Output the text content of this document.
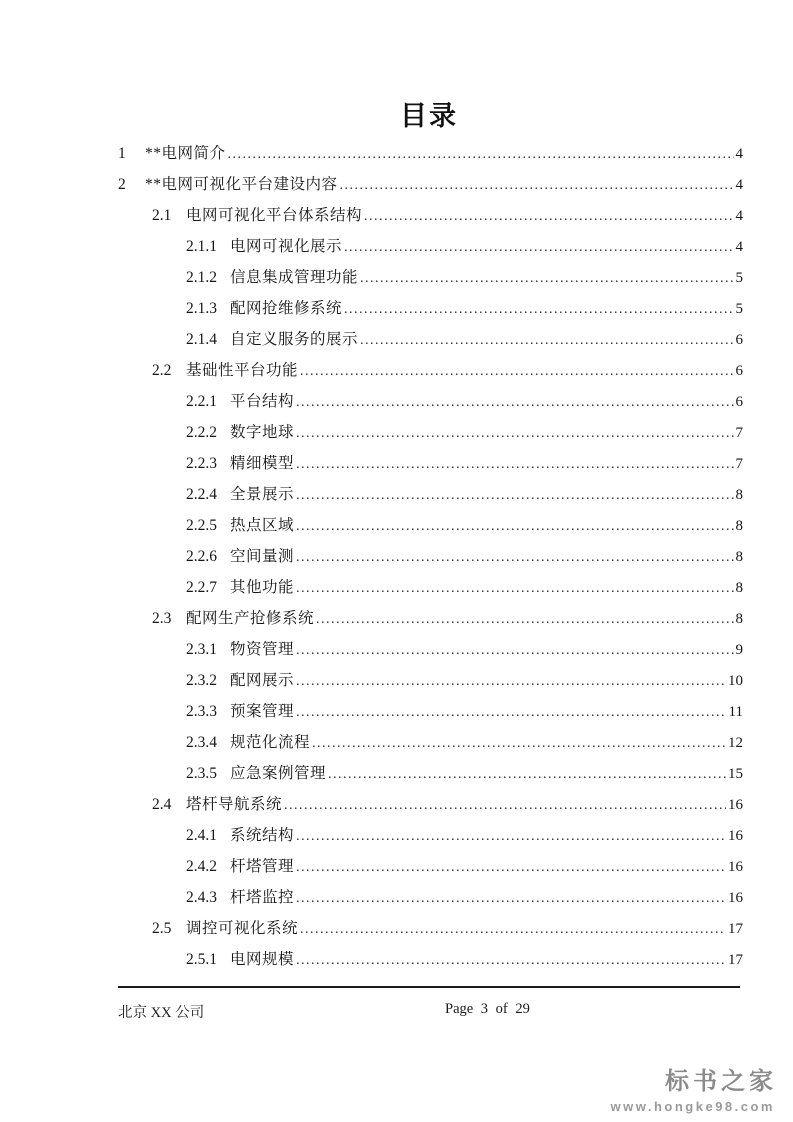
目录
1	**电网简介 .....	4
2	**电网可视化平台建设内容 .....	4
2.1 电网可视化平台体系结构 .....	4
2.1.1 电网可视化展示 .....	4
2.1.2 信息集成管理功能 .....	5
2.1.3 配网抢维修系统 .....	5
2.1.4 自定义服务的展示 .....	6
2.2 基础性平台功能 .....	6
2.2.1 平台结构 .....	6
2.2.2 数字地球 .....	7
2.2.3 精细模型 .....	7
2.2.4 全景展示 .....	8
2.2.5 热点区域 .....	8
2.2.6 空间量测 .....	8
2.2.7 其他功能 .....	8
2.3 配网生产抢修系统 .....	8
2.3.1 物资管理 .....	9
2.3.2 配网展示 .....	10
2.3.3 预案管理 .....	11
2.3.4 规范化流程 .....	12
2.3.5 应急案例管理 .....	15
2.4 塔杆导航系统 .....	16
2.4.1 系统结构 .....	16
2.4.2 杆塔管理 .....	16
2.4.3 杆塔监控 .....	16
2.5 调控可视化系统 .....	17
2.5.1 电网规模 .....	17
北京 XX 公司	Page 3 of 29
标书之家
www.hongke98.com
